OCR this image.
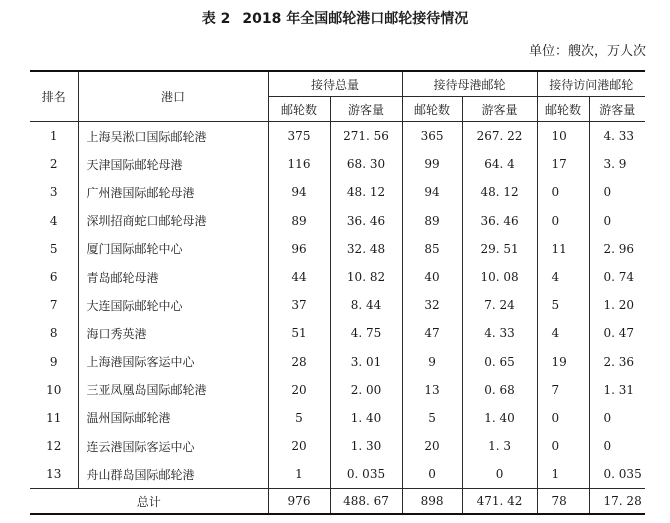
表 2 2018 年全国邮轮港口邮轮接待情况
单位：艘次，万人次
排名	港口	接待总量		接待母港邮轮		接待访问港邮轮	
		邮轮数	游客量	邮轮数	游客量	邮轮数	游客量
1	上海吴淞口国际邮轮港	375	271. 56	365	267. 22	10	4. 33
2	天津国际邮轮母港	116	68. 30	99	64. 4	17	3. 9
3	广州港国际邮轮母港	94	48. 12	94	48. 12	0	0
4	深圳招商蛇口邮轮母港	89	36. 46	89	36. 46	0	0
5	厦门国际邮轮中心	96	32. 48	85	29. 51	11	2. 96
6	青岛邮轮母港	44	10. 82	40	10. 08	4	0. 74
7	大连国际邮轮中心	37	8. 44	32	7. 24	5	1. 20
8	海口秀英港	51	4. 75	47	4. 33	4	0. 47
9	上海港国际客运中心	28	3. 01	9	0. 65	19	2. 36
10	三亚凤凰岛国际邮轮港	20	2. 00	13	0. 68	7	1. 31
11	温州国际邮轮港	5	1. 40	5	1. 40	0	0
12	连云港国际客运中心	20	1. 30	20	1. 3	0	0
13	舟山群岛国际邮轮港	1	0. 035	0	0	1	0. 035
总计		976	488. 67	898	471. 42	78	17. 28
